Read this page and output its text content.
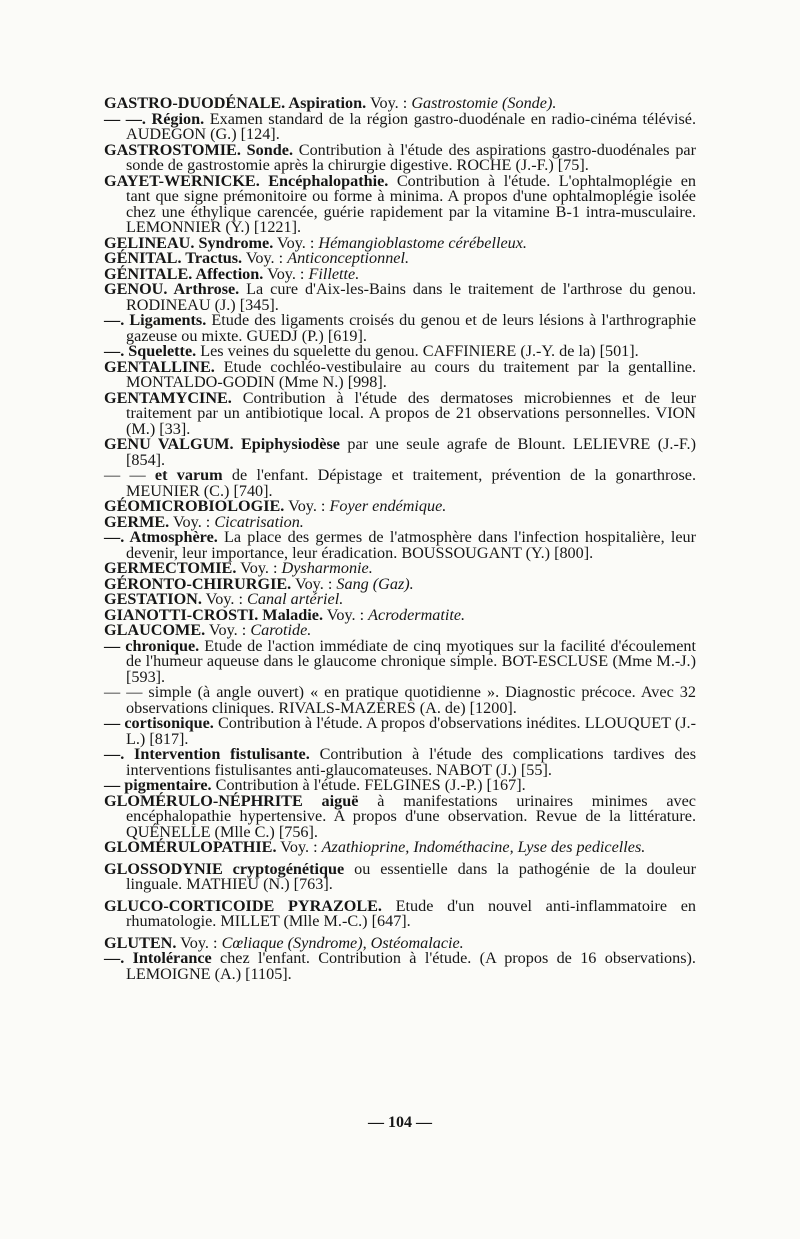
GASTRO-DUODÉNALE. Aspiration. Voy. : Gastrostomie (Sonde).
— —. Région. Examen standard de la région gastro-duodénale en radio-cinéma télévisé. AUDEGON (G.) [124].
GASTROSTOMIE. Sonde. Contribution à l'étude des aspirations gastro-duodénales par sonde de gastrostomie après la chirurgie digestive. ROCHE (J.-F.) [75].
GAYET-WERNICKE. Encéphalopathie. Contribution à l'étude. L'ophtalmoplégie en tant que signe prémonitoire ou forme à minima. A propos d'une ophtalmoplégie isolée chez une éthylique carencée, guérie rapidement par la vitamine B-1 intra-musculaire. LEMONNIER (Y.) [1221].
GELINEAU. Syndrome. Voy. : Hémangioblastome cérébelleux.
GÉNITAL. Tractus. Voy. : Anticonceptionnel.
GÉNITALE. Affection. Voy. : Fillette.
GENOU. Arthrose. La cure d'Aix-les-Bains dans le traitement de l'arthrose du genou. RODINEAU (J.) [345].
—. Ligaments. Etude des ligaments croisés du genou et de leurs lésions à l'arthrographie gazeuse ou mixte. GUEDJ (P.) [619].
—. Squelette. Les veines du squelette du genou. CAFFINIERE (J.-Y. de la) [501].
GENTALLINE. Etude cochléo-vestibulaire au cours du traitement par la gentalline. MONTALDO-GODIN (Mme N.) [998].
GENTAMYCINE. Contribution à l'étude des dermatoses microbiennes et de leur traitement par un antibiotique local. A propos de 21 observations personnelles. VION (M.) [33].
GENU VALGUM. Epiphysiodèse par une seule agrafe de Blount. LELIEVRE (J.-F.) [854].
— — et varum de l'enfant. Dépistage et traitement, prévention de la gonarthrose. MEUNIER (C.) [740].
GÉOMICROBIOLOGIE. Voy. : Foyer endémique.
GERME. Voy. : Cicatrisation.
—. Atmosphère. La place des germes de l'atmosphère dans l'infection hospitalière, leur devenir, leur importance, leur éradication. BOUSSOUGANT (Y.) [800].
GERMECTOMIE. Voy. : Dysharmonie.
GÉRONTO-CHIRURGIE. Voy. : Sang (Gaz).
GESTATION. Voy. : Canal artériel.
GIANOTTI-CROSTI. Maladie. Voy. : Acrodermatite.
GLAUCOME. Voy. : Carotide.
— chronique. Etude de l'action immédiate de cinq myotiques sur la facilité d'écoulement de l'humeur aqueuse dans le glaucome chronique simple. BOT-ESCLUSE (Mme M.-J.) [593].
— — simple (à angle ouvert) « en pratique quotidienne ». Diagnostic précoce. Avec 32 observations cliniques. RIVALS-MAZERES (A. de) [1200].
— cortisonique. Contribution à l'étude. A propos d'observations inédites. LLOUQUET (J.-L.) [817].
—. Intervention fistulisante. Contribution à l'étude des complications tardives des interventions fistulisantes anti-glaucomateuses. NABOT (J.) [55].
— pigmentaire. Contribution à l'étude. FELGINES (J.-P.) [167].
GLOMÉRULO-NÉPHRITE aiguë à manifestations urinaires minimes avec encéphalopathie hypertensive. A propos d'une observation. Revue de la littérature. QUÉNELLE (Mlle C.) [756].
GLOMÉRULOPATHIE. Voy. : Azathioprine, Indométhacine, Lyse des pedicelles.
GLOSSODYNIE cryptogénétique ou essentielle dans la pathogénie de la douleur linguale. MATHIEU (N.) [763].
GLUCO-CORTICOIDE PYRAZOLE. Etude d'un nouvel anti-inflammatoire en rhumatologie. MILLET (Mlle M.-C.) [647].
GLUTEN. Voy. : Cœliaque (Syndrome), Ostéomalacie.
—. Intolérance chez l'enfant. Contribution à l'étude. (A propos de 16 observations). LEMOIGNE (A.) [1105].
— 104 —
